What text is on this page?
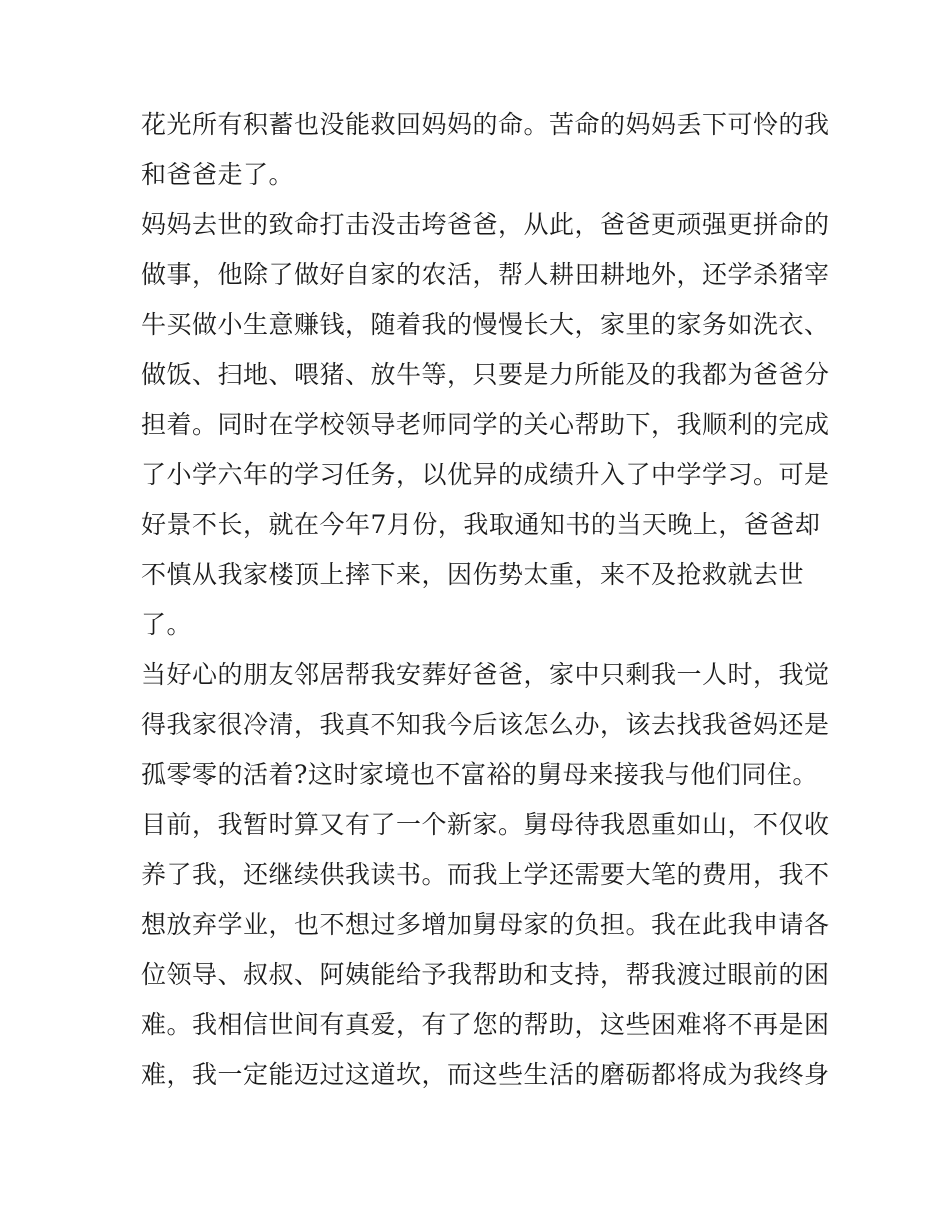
花光所有积蓄也没能救回妈妈的命。苦命的妈妈丢下可怜的我
和爸爸走了。
妈妈去世的致命打击没击垮爸爸，从此，爸爸更顽强更拼命的
做事，他除了做好自家的农活，帮人耕田耕地外，还学杀猪宰
牛买做小生意赚钱，随着我的慢慢长大，家里的家务如洗衣、
做饭、扫地、喂猪、放牛等，只要是力所能及的我都为爸爸分
担着。同时在学校领导老师同学的关心帮助下，我顺利的完成
了小学六年的学习任务，以优异的成绩升入了中学学习。可是
好景不长，就在今年7月份，我取通知书的当天晚上，爸爸却
不慎从我家楼顶上摔下来，因伤势太重，来不及抢救就去世
了。
当好心的朋友邻居帮我安葬好爸爸，家中只剩我一人时，我觉
得我家很冷清，我真不知我今后该怎么办，该去找我爸妈还是
孤零零的活着?这时家境也不富裕的舅母来接我与他们同住。
目前，我暂时算又有了一个新家。舅母待我恩重如山，不仅收
养了我，还继续供我读书。而我上学还需要大笔的费用，我不
想放弃学业，也不想过多增加舅母家的负担。我在此我申请各
位领导、叔叔、阿姨能给予我帮助和支持，帮我渡过眼前的困
难。我相信世间有真爱，有了您的帮助，这些困难将不再是困
难，我一定能迈过这道坎，而这些生活的磨砺都将成为我终身
